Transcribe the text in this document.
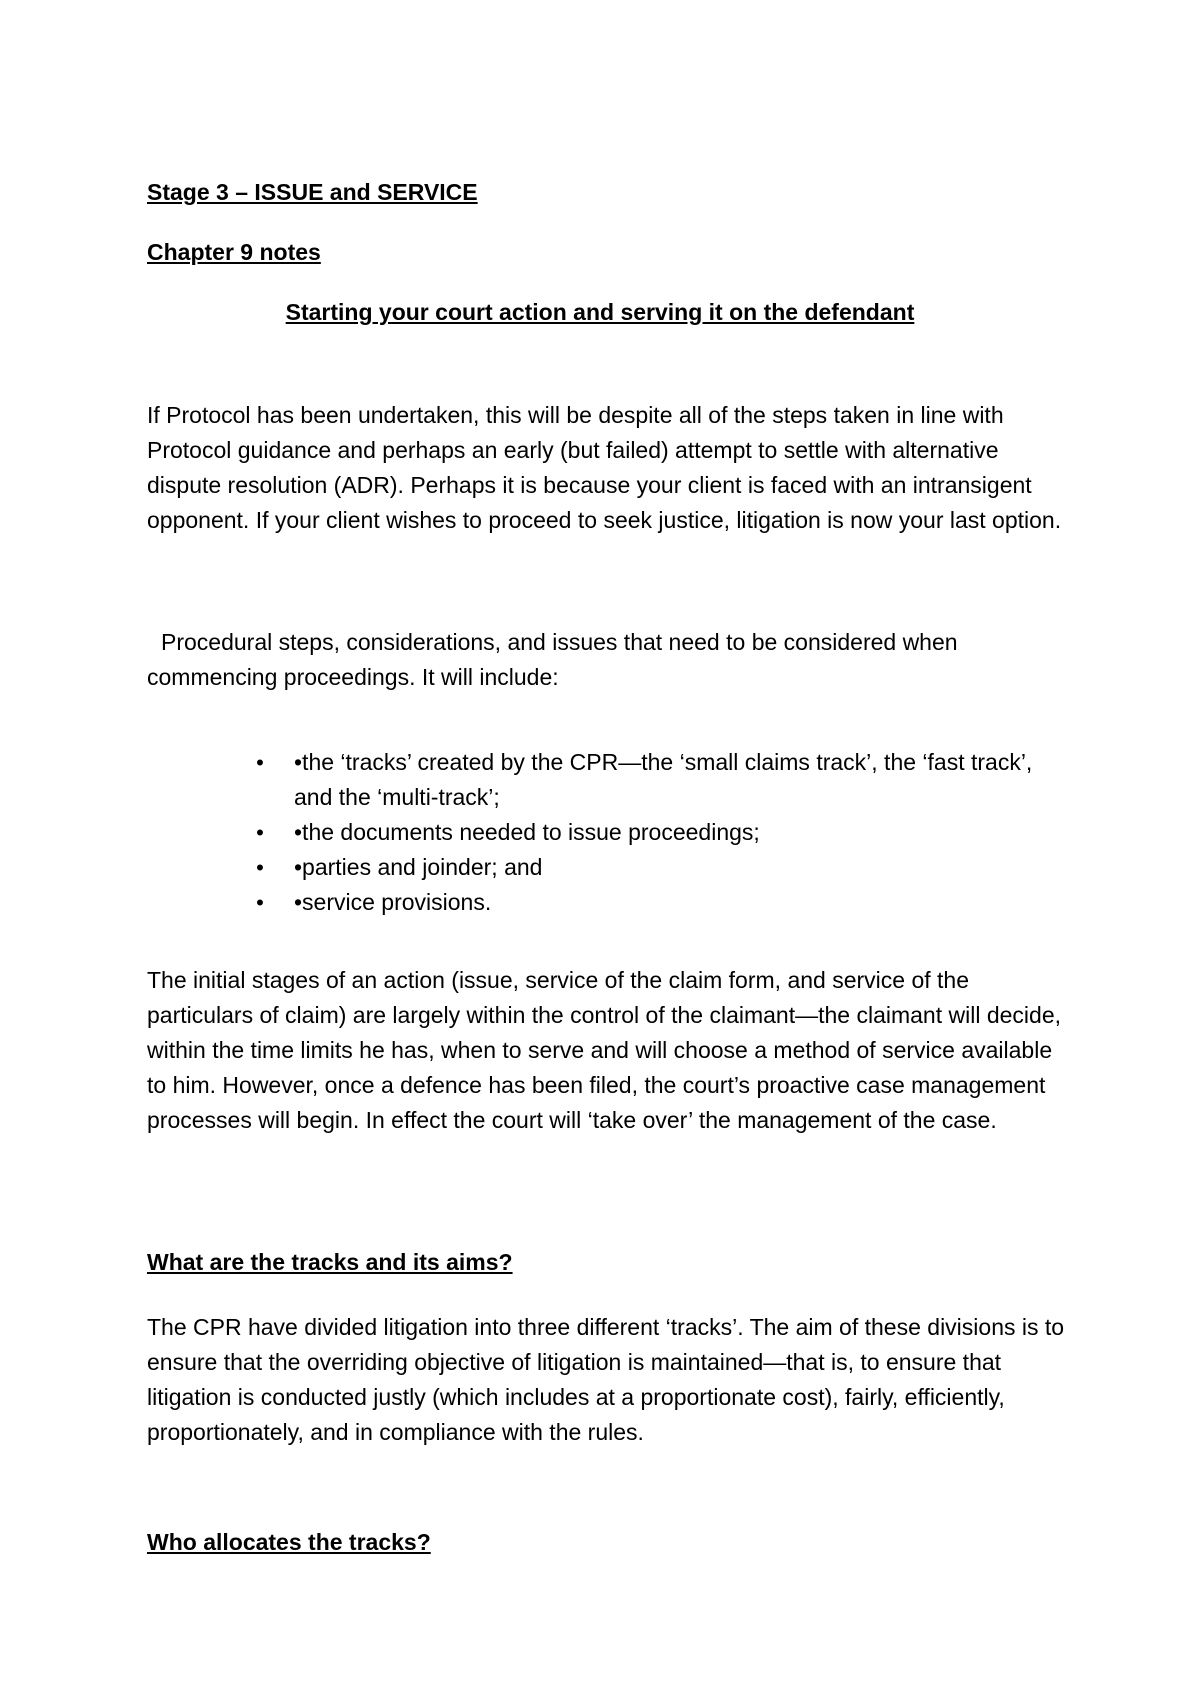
Stage 3 – ISSUE and SERVICE

Chapter 9 notes

Starting your court action and serving it on the defendant

If Protocol has been undertaken, this will be despite all of the steps taken in line with Protocol guidance and perhaps an early (but failed) attempt to settle with alternative dispute resolution (ADR). Perhaps it is because your client is faced with an intransigent opponent. If your client wishes to proceed to seek justice, litigation is now your last option.

Procedural steps, considerations, and issues that need to be considered when commencing proceedings. It will include:

• •the ‘tracks’ created by the CPR—the ‘small claims track’, the ‘fast track’, and the ‘multi-track’;
• •the documents needed to issue proceedings;
• •parties and joinder; and
• •service provisions.

The initial stages of an action (issue, service of the claim form, and service of the particulars of claim) are largely within the control of the claimant—the claimant will decide, within the time limits he has, when to serve and will choose a method of service available to him. However, once a defence has been filed, the court’s proactive case management processes will begin. In effect the court will ‘take over’ the management of the case.

What are the tracks and its aims?

The CPR have divided litigation into three different ‘tracks’. The aim of these divisions is to ensure that the overriding objective of litigation is maintained—that is, to ensure that litigation is conducted justly (which includes at a proportionate cost), fairly, efficiently, proportionately, and in compliance with the rules.

Who allocates the tracks?
